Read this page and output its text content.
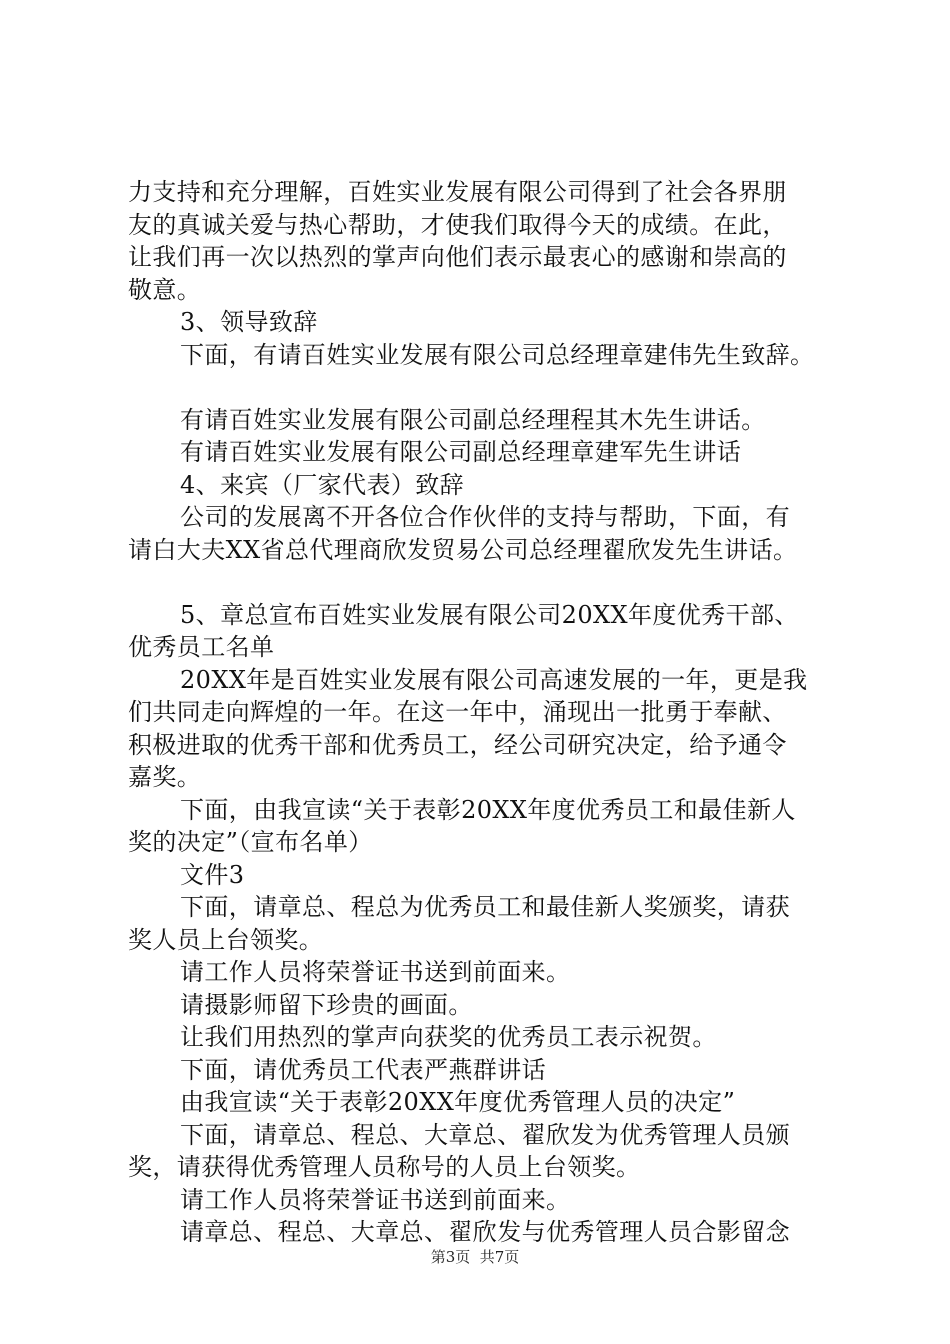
力支持和充分理解，百姓实业发展有限公司得到了社会各界朋
友的真诚关爱与热心帮助，才使我们取得今天的成绩。在此，
让我们再一次以热烈的掌声向他们表示最衷心的感谢和崇高的
敬意。
3、领导致辞
下面，有请百姓实业发展有限公司总经理章建伟先生致辞。
有请百姓实业发展有限公司副总经理程其木先生讲话。
有请百姓实业发展有限公司副总经理章建军先生讲话
4、来宾（厂家代表）致辞
公司的发展离不开各位合作伙伴的支持与帮助，下面，有
请白大夫XX省总代理商欣发贸易公司总经理翟欣发先生讲话。
5、章总宣布百姓实业发展有限公司20XX年度优秀干部、
优秀员工名单
20XX年是百姓实业发展有限公司高速发展的一年，更是我
们共同走向辉煌的一年。在这一年中，涌现出一批勇于奉献、
积极进取的优秀干部和优秀员工，经公司研究决定，给予通令
嘉奖。
下面，由我宣读“关于表彰20XX年度优秀员工和最佳新人
奖的决定”（宣布名单）
文件3
下面，请章总、程总为优秀员工和最佳新人奖颁奖，请获
奖人员上台领奖。
请工作人员将荣誉证书送到前面来。
请摄影师留下珍贵的画面。
让我们用热烈的掌声向获奖的优秀员工表示祝贺。
下面，请优秀员工代表严燕群讲话
由我宣读“关于表彰20XX年度优秀管理人员的决定”
下面，请章总、程总、大章总、翟欣发为优秀管理人员颁
奖，请获得优秀管理人员称号的人员上台领奖。
请工作人员将荣誉证书送到前面来。
请章总、程总、大章总、翟欣发与优秀管理人员合影留念
第3页  共7页
